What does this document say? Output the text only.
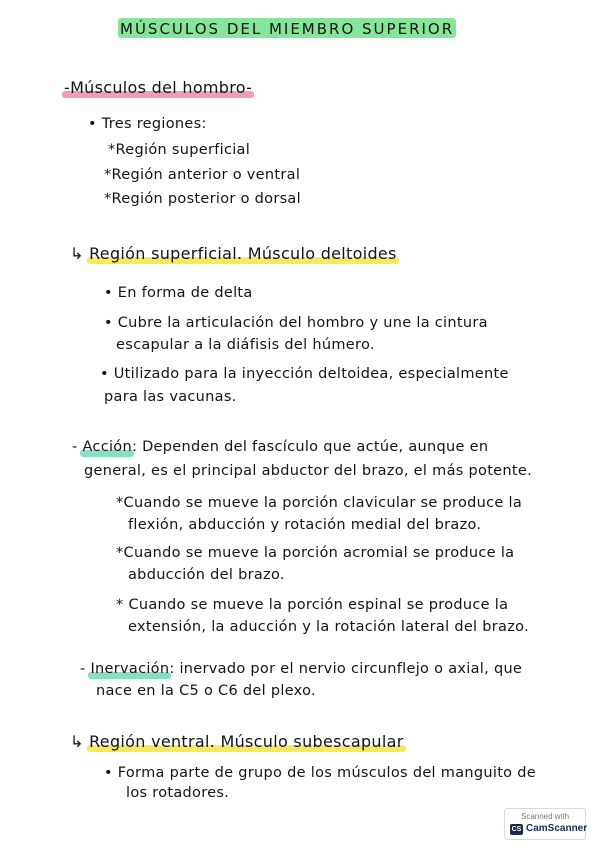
MÚSCULOS DEL MIEMBRO SUPERIOR
-Músculos del hombro-
• Tres regiones:
*Región superficial
*Región anterior o ventral
*Región posterior o dorsal
↳ Región superficial. Músculo deltoides
• En forma de delta
• Cubre la articulación del hombro y une la cintura
escapular a la diáfisis del húmero.
• Utilizado para la inyección deltoidea, especialmente
para las vacunas.
- Acción: Dependen del fascículo que actúe, aunque en
general, es el principal abductor del brazo, el más potente.
*Cuando se mueve la porción clavicular se produce la
flexión, abducción y rotación medial del brazo.
*Cuando se mueve la porción acromial se produce la
abducción del brazo.
* Cuando se mueve la porción espinal se produce la
extensión, la aducción y la rotación lateral del brazo.
- Inervación: inervado por el nervio circunflejo o axial, que
nace en la C5 o C6 del plexo.
↳ Región ventral. Músculo subescapular
• Forma parte de grupo de los músculos del manguito de
los rotadores.
Scanned with
CS CamScanner
